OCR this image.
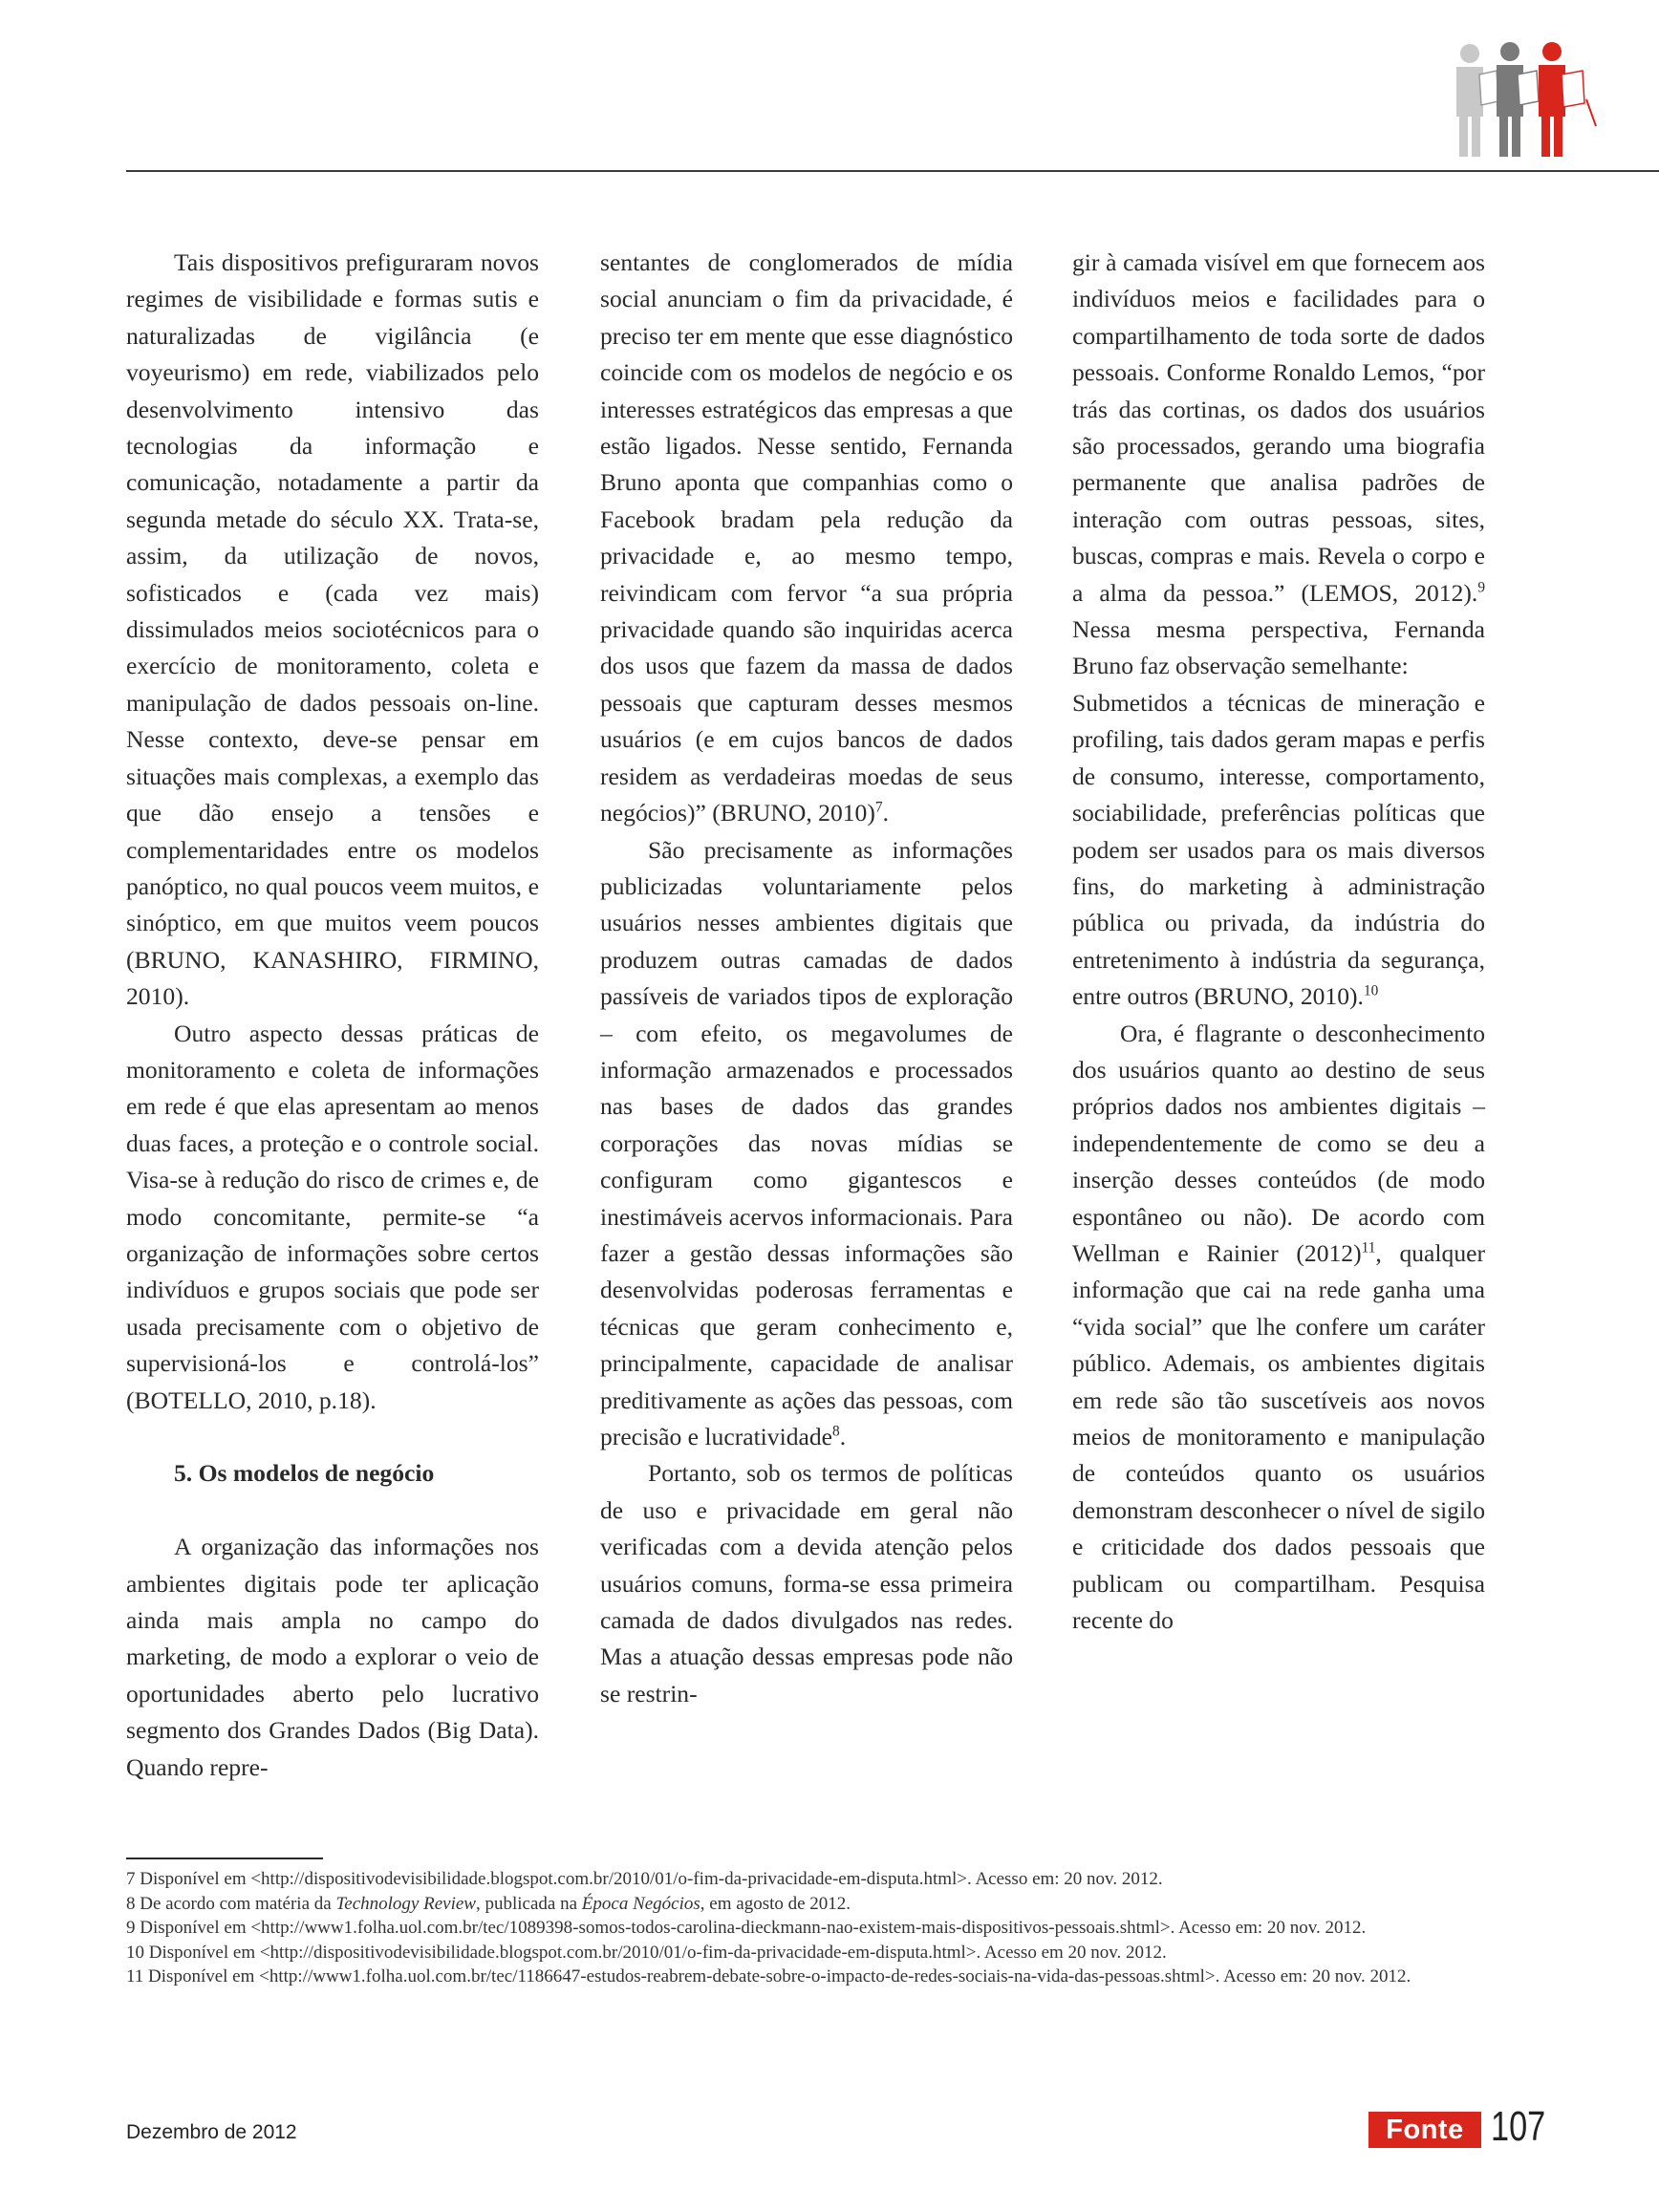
Tais dispositivos prefiguraram novos regimes de visibilidade e formas sutis e naturalizadas de vigilância (e voyeurismo) em rede, viabilizados pelo desenvolvimento intensivo das tecnologias da informação e comunicação, notadamente a partir da segunda metade do século XX. Trata-se, assim, da utilização de novos, sofisticados e (cada vez mais) dissimulados meios sociotécnicos para o exercício de monitoramento, coleta e manipulação de dados pessoais on-line. Nesse contexto, deve-se pensar em situações mais complexas, a exemplo das que dão ensejo a tensões e complementaridades entre os modelos panóptico, no qual poucos veem muitos, e sinóptico, em que muitos veem poucos (BRUNO, KANASHIRO, FIRMINO, 2010).

Outro aspecto dessas práticas de monitoramento e coleta de informações em rede é que elas apresentam ao menos duas faces, a proteção e o controle social. Visa-se à redução do risco de crimes e, de modo concomitante, permite-se “a organização de informações sobre certos indivíduos e grupos sociais que pode ser usada precisamente com o objetivo de supervisioná-los e controlá-los” (BOTELLO, 2010, p.18).

5. Os modelos de negócio

A organização das informações nos ambientes digitais pode ter aplicação ainda mais ampla no campo do marketing, de modo a explorar o veio de oportunidades aberto pelo lucrativo segmento dos Grandes Dados (Big Data). Quando repre-

sentantes de conglomerados de mídia social anunciam o fim da privacidade, é preciso ter em mente que esse diagnóstico coincide com os modelos de negócio e os interesses estratégicos das empresas a que estão ligados. Nesse sentido, Fernanda Bruno aponta que companhias como o Facebook bradam pela redução da privacidade e, ao mesmo tempo, reivindicam com fervor “a sua própria privacidade quando são inquiridas acerca dos usos que fazem da massa de dados pessoais que capturam desses mesmos usuários (e em cujos bancos de dados residem as verdadeiras moedas de seus negócios)” (BRUNO, 2010)$^7$.

São precisamente as informações publicizadas voluntariamente pelos usuários nesses ambientes digitais que produzem outras camadas de dados passíveis de variados tipos de exploração – com efeito, os megavolumes de informação armazenados e processados nas bases de dados das grandes corporações das novas mídias se configuram como gigantescos e inestimáveis acervos informacionais. Para fazer a gestão dessas informações são desenvolvidas poderosas ferramentas e técnicas que geram conhecimento e, principalmente, capacidade de analisar preditivamente as ações das pessoas, com precisão e lucratividade$^8$.

Portanto, sob os termos de políticas de uso e privacidade em geral não verificadas com a devida atenção pelos usuários comuns, forma-se essa primeira camada de dados divulgados nas redes. Mas a atuação dessas empresas pode não se restrin-

gir à camada visível em que fornecem aos indivíduos meios e facilidades para o compartilhamento de toda sorte de dados pessoais. Conforme Ronaldo Lemos, “por trás das cortinas, os dados dos usuários são processados, gerando uma biografia permanente que analisa padrões de interação com outras pessoas, sites, buscas, compras e mais. Revela o corpo e a alma da pessoa.” (LEMOS, 2012).$^9$ Nessa mesma perspectiva, Fernanda Bruno faz observação semelhante:

Submetidos a técnicas de mineração e profiling, tais dados geram mapas e perfis de consumo, interesse, comportamento, sociabilidade, preferências políticas que podem ser usados para os mais diversos fins, do marketing à administração pública ou privada, da indústria do entretenimento à indústria da segurança, entre outros (BRUNO, 2010).$^{10}$

Ora, é flagrante o desconhecimento dos usuários quanto ao destino de seus próprios dados nos ambientes digitais – independentemente de como se deu a inserção desses conteúdos (de modo espontâneo ou não). De acordo com Wellman e Rainier $(2012)^{11}$, qualquer informação que cai na rede ganha uma “vida social” que lhe confere um caráter público. Ademais, os ambientes digitais em rede são tão suscetíveis aos novos meios de monitoramento e manipulação de conteúdos quanto os usuários demonstram desconhecer o nível de sigilo e criticidade dos dados pessoais que publicam ou compartilham. Pesquisa recente do

7 Disponível em <http://dispositivodevisibilidade.blogspot.com.br/2010/01/o-fim-da-privacidade-em-disputa.html>. Acesso em: 20 nov. 2012.
8 De acordo com matéria da Technology Review, publicada na Época Negócios, em agosto de 2012.
9 Disponível em <http://www1.folha.uol.com.br/tec/1089398-somos-todos-carolina-dieckmann-nao-existem-mais-dispositivos-pessoais.shtml>. Acesso em: 20 nov. 2012.
10 Disponível em <http://dispositivodevisibilidade.blogspot.com.br/2010/01/o-fim-da-privacidade-em-disputa.html>. Acesso em 20 nov. 2012.
11 Disponível em <http://www1.folha.uol.com.br/tec/1186647-estudos-reabrem-debate-sobre-o-impacto-de-redes-sociais-na-vida-das-pessoas.shtml>. Acesso em: 20 nov. 2012.
Dezembro de 2012	Fonte 107
